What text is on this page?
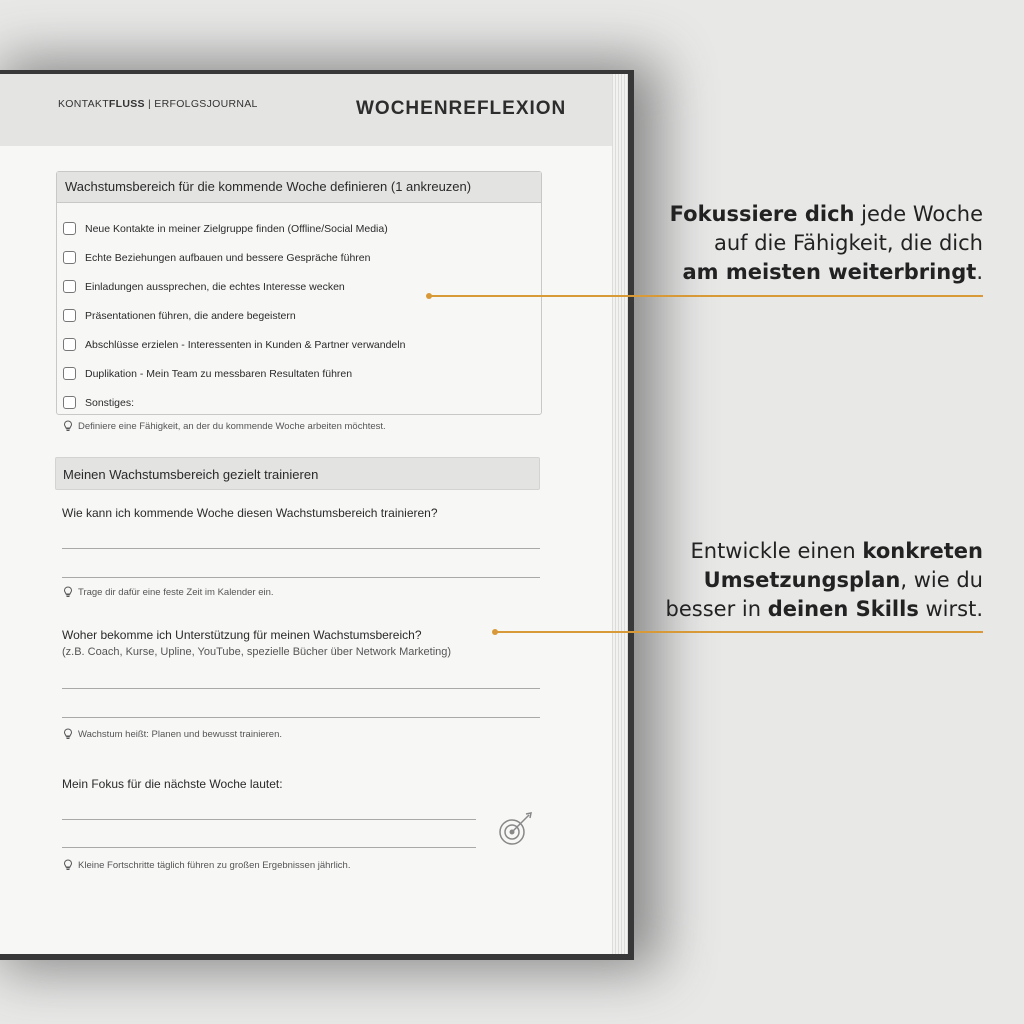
KONTAKTFLUSS | ERFOLGSJOURNAL	WOCHENREFLEXION
Wachstumsbereich für die kommende Woche definieren (1 ankreuzen)
Neue Kontakte in meiner Zielgruppe finden (Offline/Social Media)
Echte Beziehungen aufbauen und bessere Gespräche führen
Einladungen aussprechen, die echtes Interesse wecken
Präsentationen führen, die andere begeistern
Abschlüsse erzielen - Interessenten in Kunden & Partner verwandeln
Duplikation - Mein Team zu messbaren Resultaten führen
Sonstiges:
Definiere eine Fähigkeit, an der du kommende Woche arbeiten möchtest.
Meinen Wachstumsbereich gezielt trainieren
Wie kann ich kommende Woche diesen Wachstumsbereich trainieren?
Trage dir dafür eine feste Zeit im Kalender ein.
Woher bekomme ich Unterstützung für meinen Wachstumsbereich?
(z.B. Coach, Kurse, Upline, YouTube, spezielle Bücher über Network Marketing)
Wachstum heißt: Planen und bewusst trainieren.
Mein Fokus für die nächste Woche lautet:
Kleine Fortschritte täglich führen zu großen Ergebnissen jährlich.
Fokussiere dich jede Woche
auf die Fähigkeit, die dich
am meisten weiterbringt.
Entwickle einen konkreten
Umsetzungsplan, wie du
besser in deinen Skills wirst.
